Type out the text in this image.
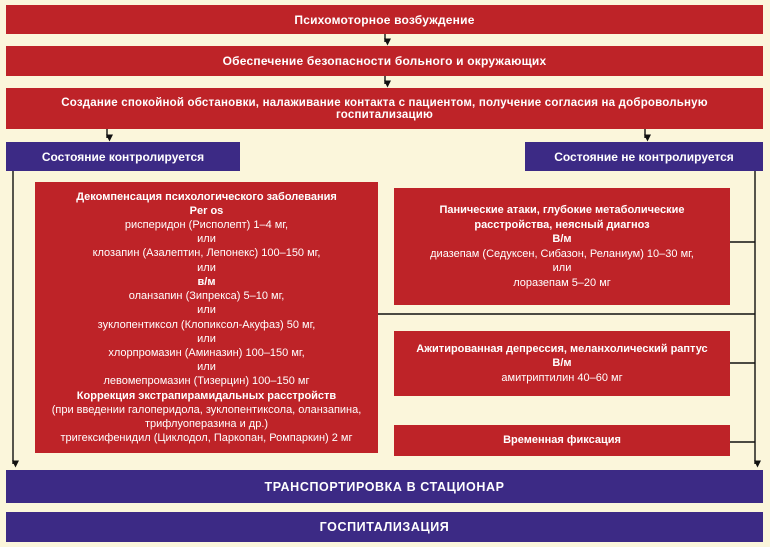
Психомоторное возбуждение
Обеспечение безопасности больного и окружающих
Создание спокойной обстановки, налаживание контакта с пациентом, получение согласия на добровольную госпитализацию
Состояние контролируется	Состояние не контролируется
Декомпенсация психологического заболевания
Per os
рисперидон (Рисполепт) 1–4 мг,
или
клозапин (Азалептин, Лепонекс) 100–150 мг,
или
в/м
оланзапин (Зипрекса) 5–10 мг,
или
зуклопентиксол (Клопиксол-Акуфаз) 50 мг,
или
хлорпромазин (Аминазин) 100–150 мг,
или
левомепромазин (Тизерцин) 100–150 мг
Коррекция экстрапирамидальных расстройств
(при введении галоперидола, зуклопентиксола, оланзапина, трифлуоперазина и др.)
тригексифенидил (Циклодол, Паркопан, Ромпаркин) 2 мг
Панические атаки, глубокие метаболические расстройства, неясный диагноз
В/м
диазепам (Седуксен, Сибазон, Реланиум) 10–30 мг,
или
лоразепам 5–20 мг
Ажитированная депрессия, меланхолический раптус
В/м
амитриптилин 40–60 мг
Временная фиксация
ТРАНСПОРТИРОВКА В СТАЦИОНАР
ГОСПИТАЛИЗАЦИЯ
